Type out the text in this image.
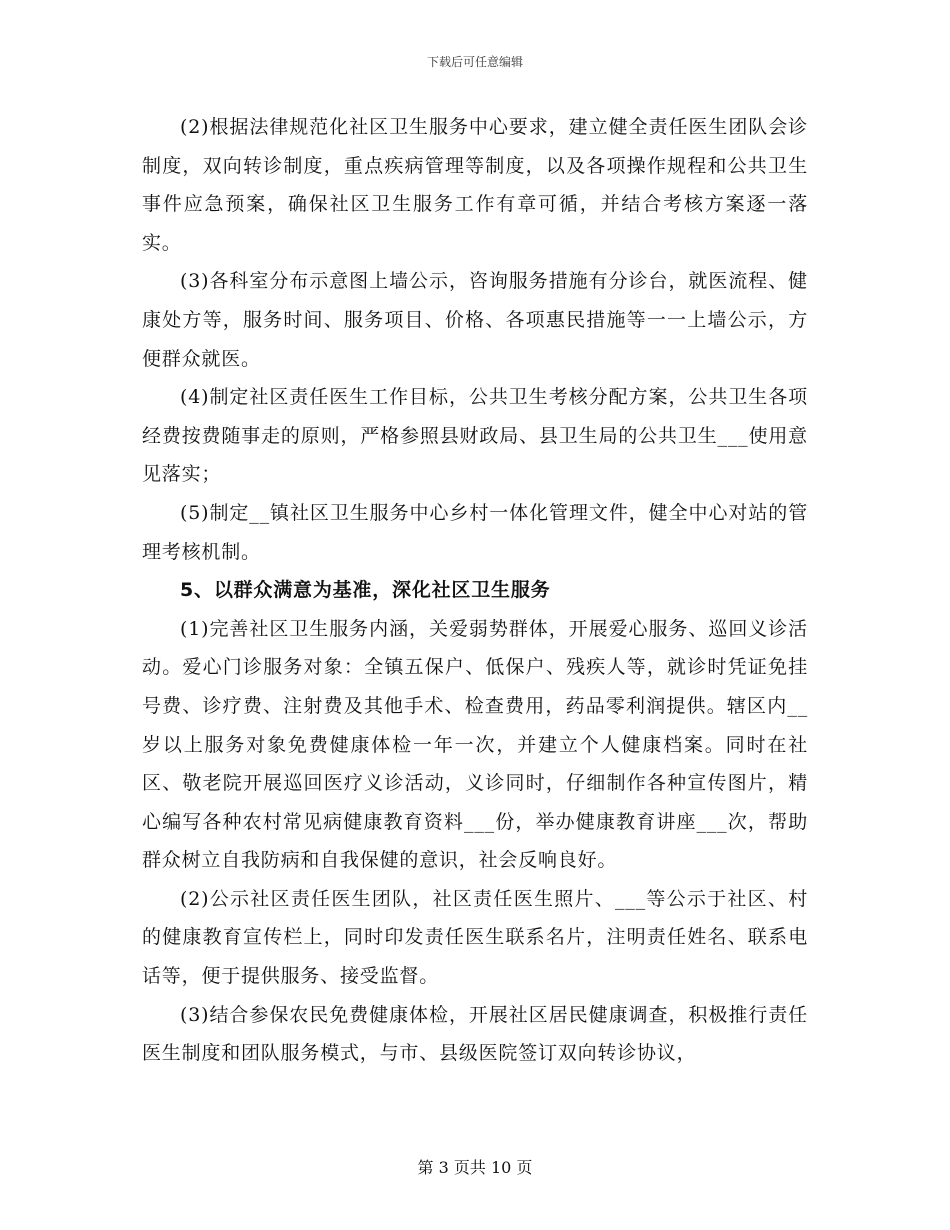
下载后可任意编辑

(2)根据法律规范化社区卫生服务中心要求，建立健全责任医生团队会诊制度，双向转诊制度，重点疾病管理等制度，以及各项操作规程和公共卫生事件应急预案，确保社区卫生服务工作有章可循，并结合考核方案逐一落实。

(3)各科室分布示意图上墙公示，咨询服务措施有分诊台，就医流程、健康处方等，服务时间、服务项目、价格、各项惠民措施等一一上墙公示，方便群众就医。

(4)制定社区责任医生工作目标，公共卫生考核分配方案，公共卫生各项经费按费随事走的原则，严格参照县财政局、县卫生局的公共卫生___使用意见落实；

(5)制定__镇社区卫生服务中心乡村一体化管理文件，健全中心对站的管理考核机制。

5、以群众满意为基准，深化社区卫生服务

(1)完善社区卫生服务内涵，关爱弱势群体，开展爱心服务、巡回义诊活动。爱心门诊服务对象：全镇五保户、低保户、残疾人等，就诊时凭证免挂号费、诊疗费、注射费及其他手术、检查费用，药品零利润提供。辖区内__岁以上服务对象免费健康体检一年一次，并建立个人健康档案。同时在社区、敬老院开展巡回医疗义诊活动，义诊同时，仔细制作各种宣传图片，精心编写各种农村常见病健康教育资料___份，举办健康教育讲座___次，帮助群众树立自我防病和自我保健的意识，社会反响良好。

(2)公示社区责任医生团队，社区责任医生照片、___等公示于社区、村的健康教育宣传栏上，同时印发责任医生联系名片，注明责任姓名、联系电话等，便于提供服务、接受监督。

(3)结合参保农民免费健康体检，开展社区居民健康调查，积极推行责任医生制度和团队服务模式，与市、县级医院签订双向转诊协议，

第 3 页共 10 页
